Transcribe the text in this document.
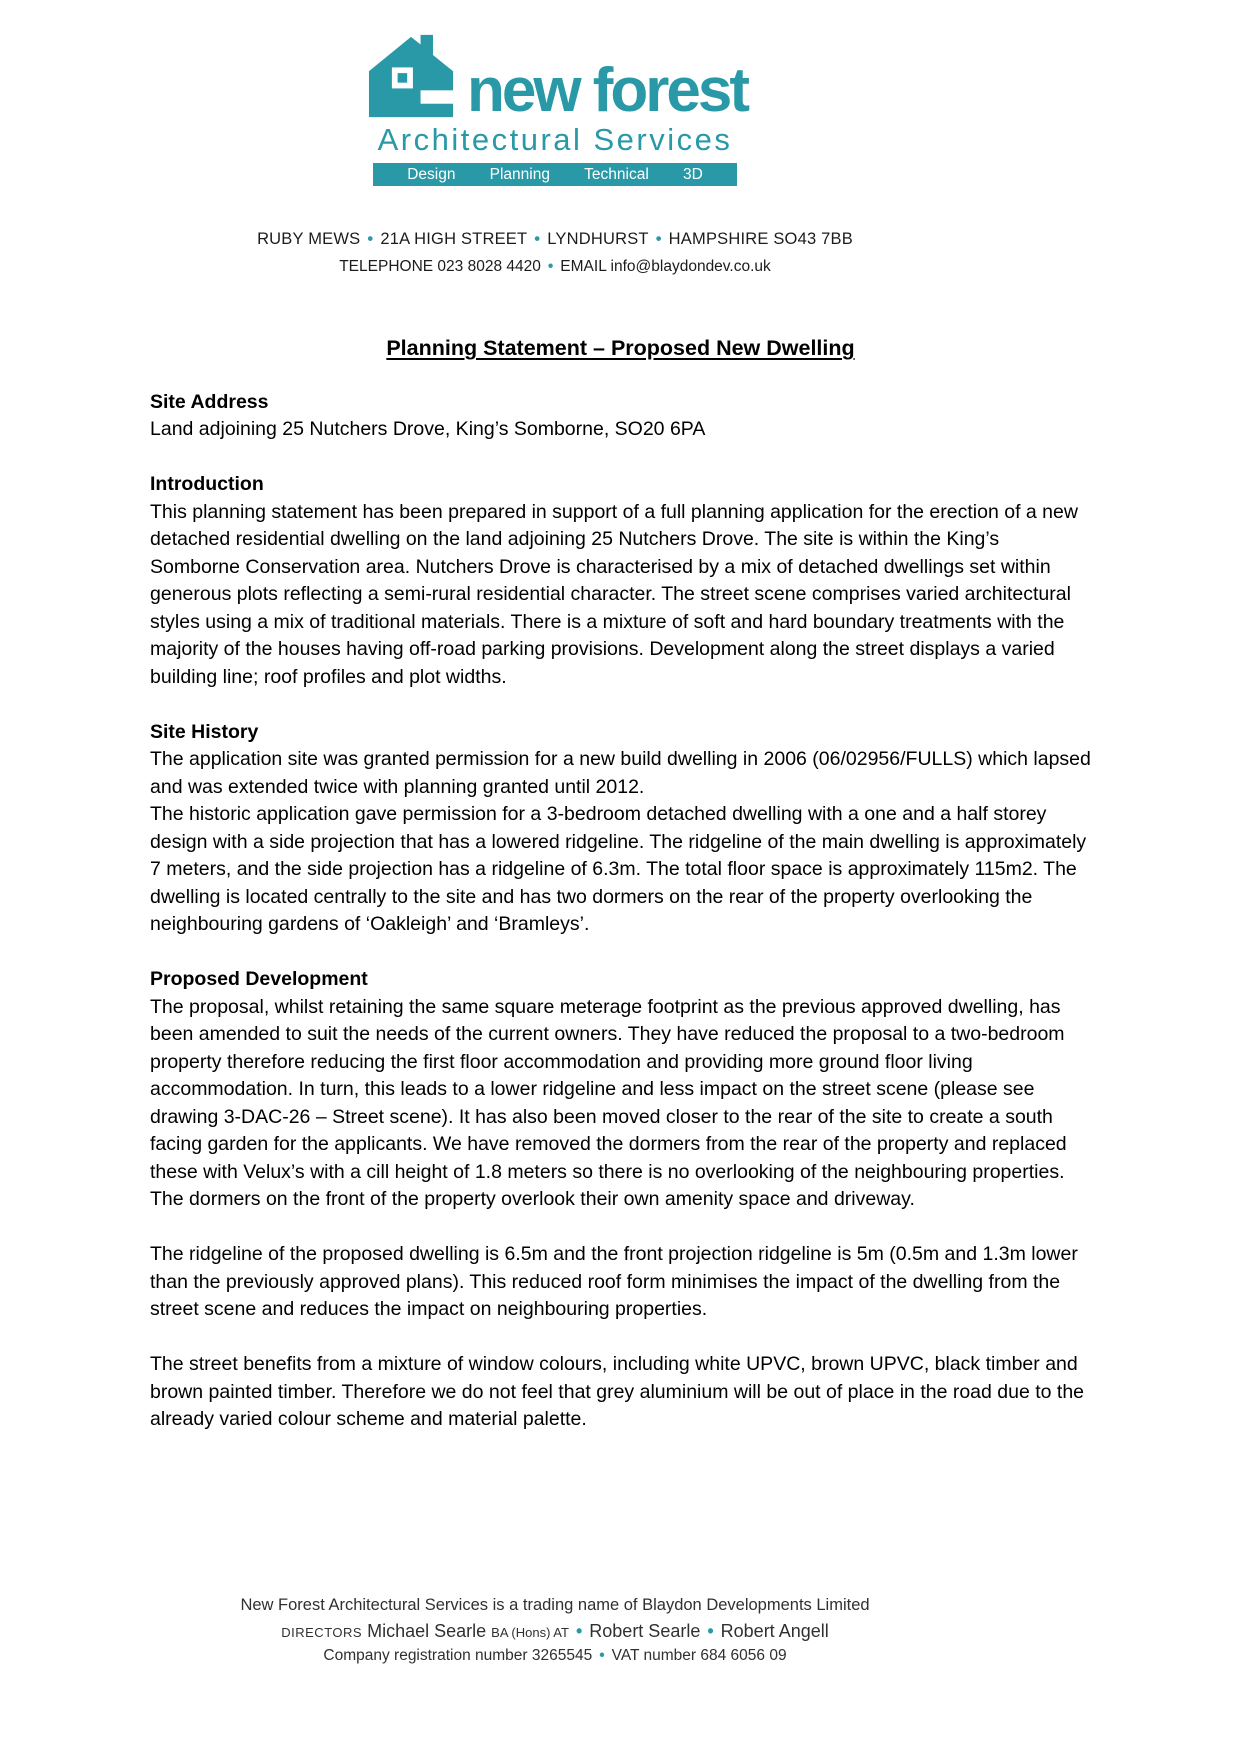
new forest
Architectural Services
Design Planning Technical 3D
RUBY MEWS • 21A HIGH STREET • LYNDHURST • HAMPSHIRE SO43 7BB
TELEPHONE 023 8028 4420 • EMAIL info@blaydondev.co.uk
Planning Statement – Proposed New Dwelling
Site Address

Land adjoining 25 Nutchers Drove, King’s Somborne, SO20 6PA

Introduction

This planning statement has been prepared in support of a full planning application for the erection of a new detached residential dwelling on the land adjoining 25 Nutchers Drove. The site is within the King’s Somborne Conservation area. Nutchers Drove is characterised by a mix of detached dwellings set within generous plots reflecting a semi-rural residential character. The street scene comprises varied architectural styles using a mix of traditional materials. There is a mixture of soft and hard boundary treatments with the majority of the houses having off-road parking provisions. Development along the street displays a varied building line; roof profiles and plot widths.

Site History

The application site was granted permission for a new build dwelling in 2006 (06/02956/FULLS) which lapsed and was extended twice with planning granted until 2012.

The historic application gave permission for a 3-bedroom detached dwelling with a one and a half storey design with a side projection that has a lowered ridgeline. The ridgeline of the main dwelling is approximately 7 meters, and the side projection has a ridgeline of 6.3m. The total floor space is approximately 115m2. The dwelling is located centrally to the site and has two dormers on the rear of the property overlooking the neighbouring gardens of ‘Oakleigh’ and ‘Bramleys’.

Proposed Development

The proposal, whilst retaining the same square meterage footprint as the previous approved dwelling, has been amended to suit the needs of the current owners. They have reduced the proposal to a two-bedroom property therefore reducing the first floor accommodation and providing more ground floor living accommodation. In turn, this leads to a lower ridgeline and less impact on the street scene (please see drawing 3-DAC-26 – Street scene). It has also been moved closer to the rear of the site to create a south facing garden for the applicants. We have removed the dormers from the rear of the property and replaced these with Velux’s with a cill height of 1.8 meters so there is no overlooking of the neighbouring properties. The dormers on the front of the property overlook their own amenity space and driveway.

The ridgeline of the proposed dwelling is 6.5m and the front projection ridgeline is 5m (0.5m and 1.3m lower than the previously approved plans). This reduced roof form minimises the impact of the dwelling from the street scene and reduces the impact on neighbouring properties.

The street benefits from a mixture of window colours, including white UPVC, brown UPVC, black timber and brown painted timber. Therefore we do not feel that grey aluminium will be out of place in the road due to the already varied colour scheme and material palette.

New Forest Architectural Services is a trading name of Blaydon Developments Limited
DIRECTORS Michael Searle BA (Hons) AT • Robert Searle • Robert Angell
Company registration number 3265545 • VAT number 684 6056 09
